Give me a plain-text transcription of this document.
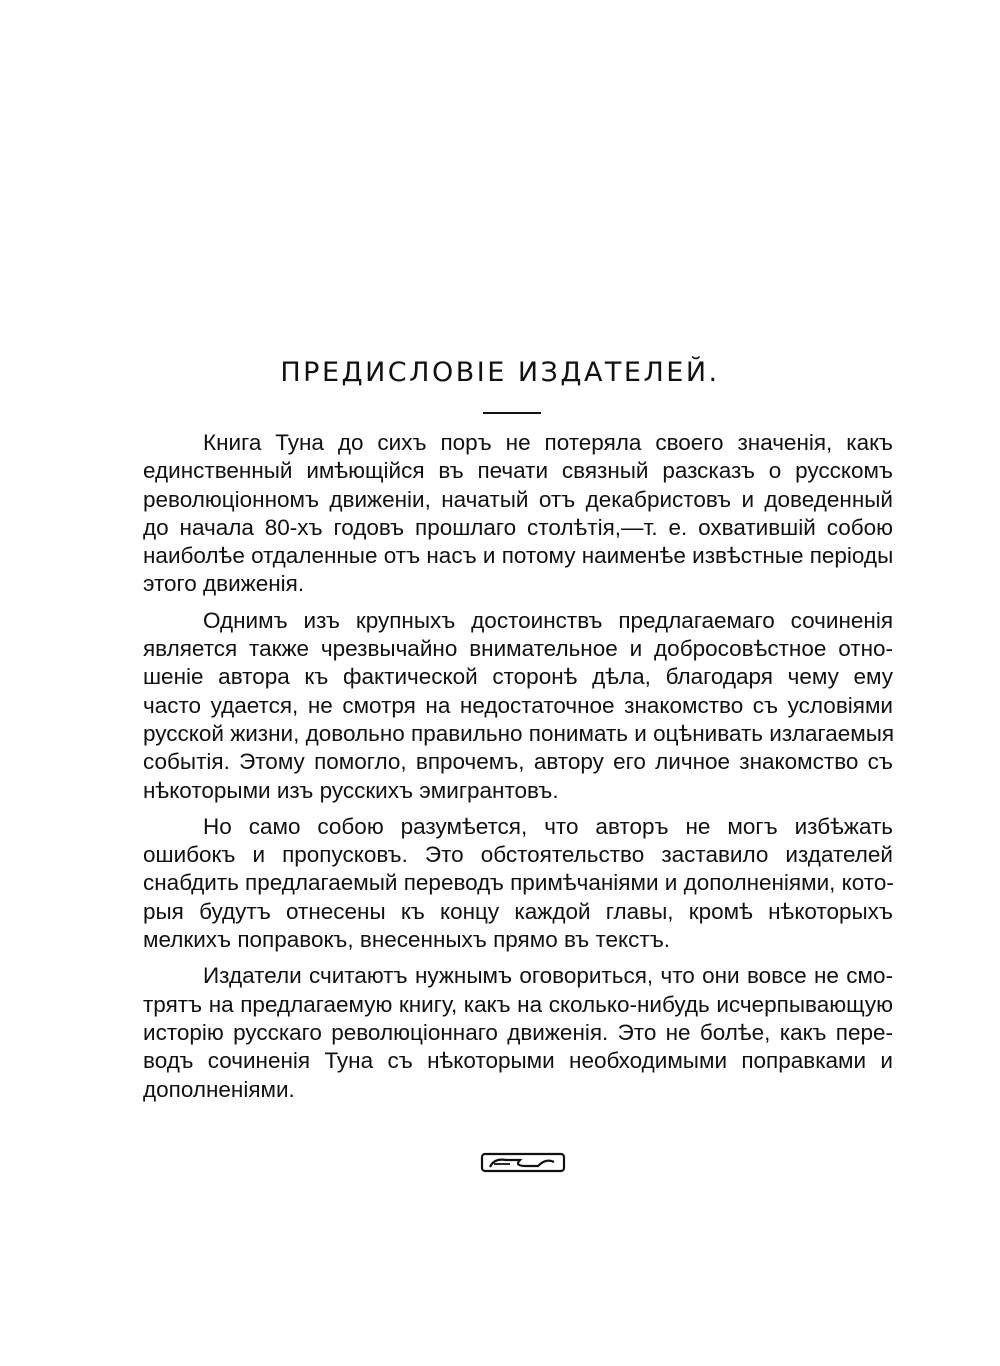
ПРЕДИСЛОВІЕ ИЗДАТЕЛЕЙ.
Книга Туна до сихъ поръ не потеряла своего значенія, какъ
единственный имѣющійся въ печати связный разсказъ о русскомъ
революціонномъ движеніи, начатый отъ декабристовъ и доведенный
до начала 80-хъ годовъ прошлаго столѣтія,—т. е. охватившій собою
наиболѣе отдаленные отъ насъ и потому наименѣе извѣстные періоды
этого движенія.
Однимъ изъ крупныхъ достоинствъ предлагаемаго сочиненія
является также чрезвычайно внимательное и добросовѣстное отно-
шеніе автора къ фактической сторонѣ дѣла, благодаря чему ему
часто удается, не смотря на недостаточное знакомство съ условіями
русской жизни, довольно правильно понимать и оцѣнивать излагаемыя
событія. Этому помогло, впрочемъ, автору его личное знакомство съ
нѣкоторыми изъ русскихъ эмигрантовъ.
Но само собою разумѣется, что авторъ не могъ избѣжать
ошибокъ и пропусковъ. Это обстоятельство заставило издателей
снабдить предлагаемый переводъ примѣчаніями и дополненіями, кото-
рыя будутъ отнесены къ концу каждой главы, кромѣ нѣкоторыхъ
мелкихъ поправокъ, внесенныхъ прямо въ текстъ.
Издатели считаютъ нужнымъ оговориться, что они вовсе не смо-
трятъ на предлагаемую книгу, какъ на сколько-нибудь исчерпывающую
исторію русскаго революціоннаго движенія. Это не болѣе, какъ пере-
водъ сочиненія Туна съ нѣкоторыми необходимыми поправками и
дополненіями.
